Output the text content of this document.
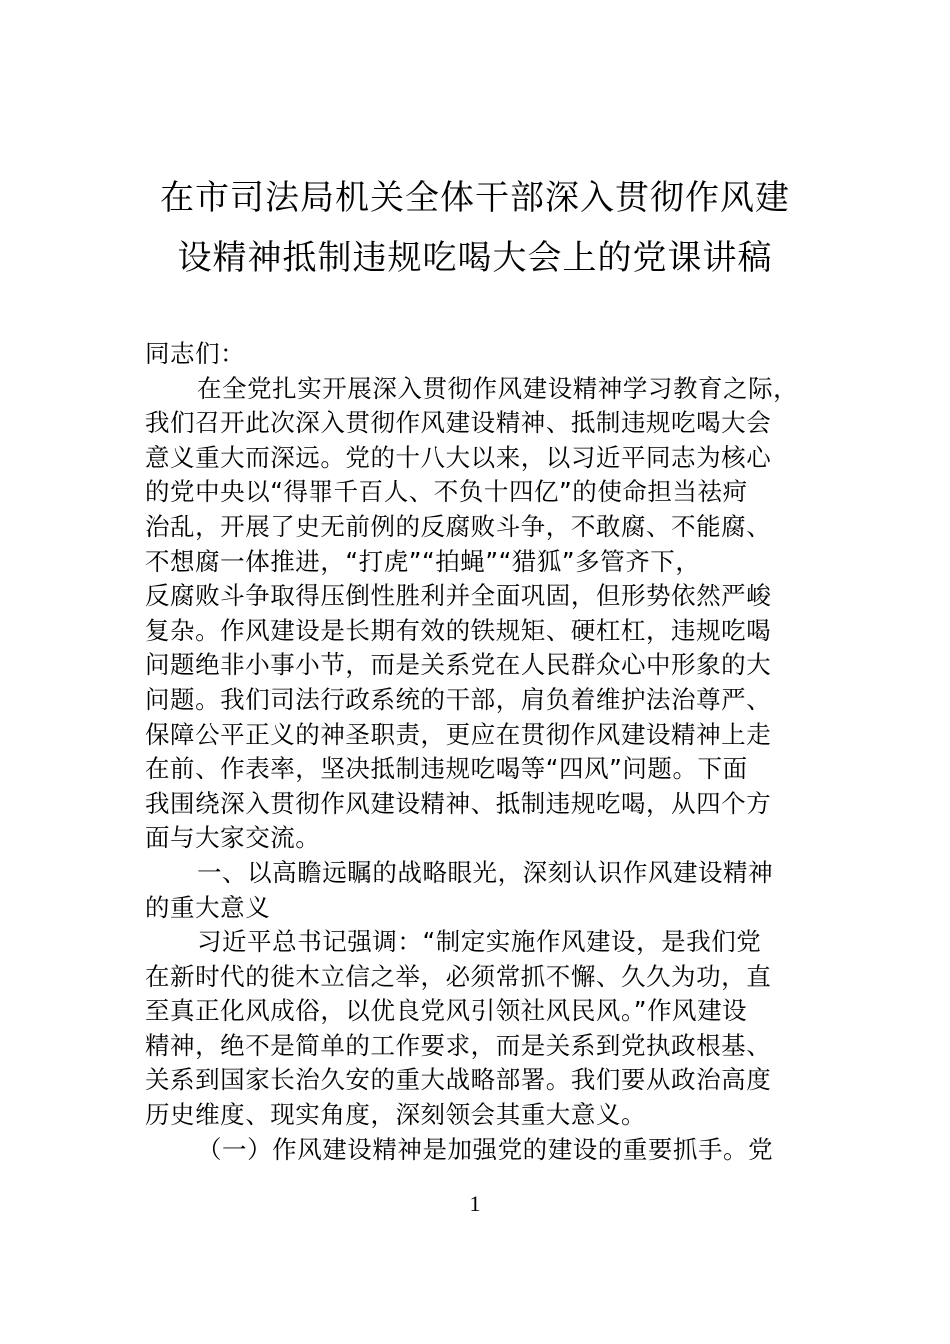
在市司法局机关全体干部深入贯彻作风建
设精神抵制违规吃喝大会上的党课讲稿
同志们：
在全党扎实开展深入贯彻作风建设精神学习教育之际，
我们召开此次深入贯彻作风建设精神、抵制违规吃喝大会
意义重大而深远。党的十八大以来，以习近平同志为核心
的党中央以“得罪千百人、不负十四亿”的使命担当祛疴
治乱，开展了史无前例的反腐败斗争，不敢腐、不能腐、
不想腐一体推进，“打虎”“拍蝇”“猎狐”多管齐下，
反腐败斗争取得压倒性胜利并全面巩固，但形势依然严峻
复杂。作风建设是长期有效的铁规矩、硬杠杠，违规吃喝
问题绝非小事小节，而是关系党在人民群众心中形象的大
问题。我们司法行政系统的干部，肩负着维护法治尊严、
保障公平正义的神圣职责，更应在贯彻作风建设精神上走
在前、作表率，坚决抵制违规吃喝等“四风”问题。下面
我围绕深入贯彻作风建设精神、抵制违规吃喝，从四个方
面与大家交流。
一、以高瞻远瞩的战略眼光，深刻认识作风建设精神
的重大意义
习近平总书记强调：“制定实施作风建设，是我们党
在新时代的徙木立信之举，必须常抓不懈、久久为功，直
至真正化风成俗，以优良党风引领社风民风。”作风建设
精神，绝不是简单的工作要求，而是关系到党执政根基、
关系到国家长治久安的重大战略部署。我们要从政治高度
历史维度、现实角度，深刻领会其重大意义。
（一）作风建设精神是加强党的建设的重要抓手。党
1
